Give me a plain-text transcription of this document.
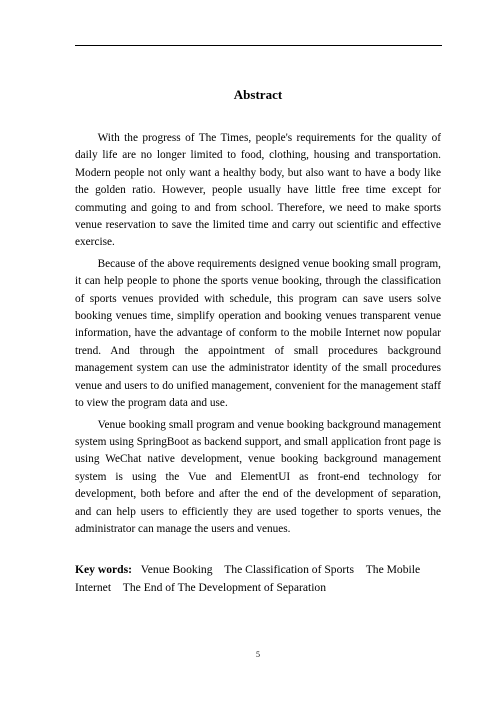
Abstract

With the progress of The Times, people's requirements for the quality of daily life are no longer limited to food, clothing, housing and transportation. Modern people not only want a healthy body, but also want to have a body like the golden ratio. However, people usually have little free time except for commuting and going to and from school. Therefore, we need to make sports venue reservation to save the limited time and carry out scientific and effective exercise.

Because of the above requirements designed venue booking small program, it can help people to phone the sports venue booking, through the classification of sports venues provided with schedule, this program can save users solve booking venues time, simplify operation and booking venues transparent venue information, have the advantage of conform to the mobile Internet now popular trend. And through the appointment of small procedures background management system can use the administrator identity of the small procedures venue and users to do unified management, convenient for the management staff to view the program data and use.

Venue booking small program and venue booking background management system using SpringBoot as backend support, and small application front page is using WeChat native development, venue booking background management system is using the Vue and ElementUI as front-end technology for development, both before and after the end of the development of separation, and can help users to efficiently they are used together to sports venues, the administrator can manage the users and venues.

Key words: Venue Booking The Classification of Sports The Mobile Internet The End of The Development of Separation
5
